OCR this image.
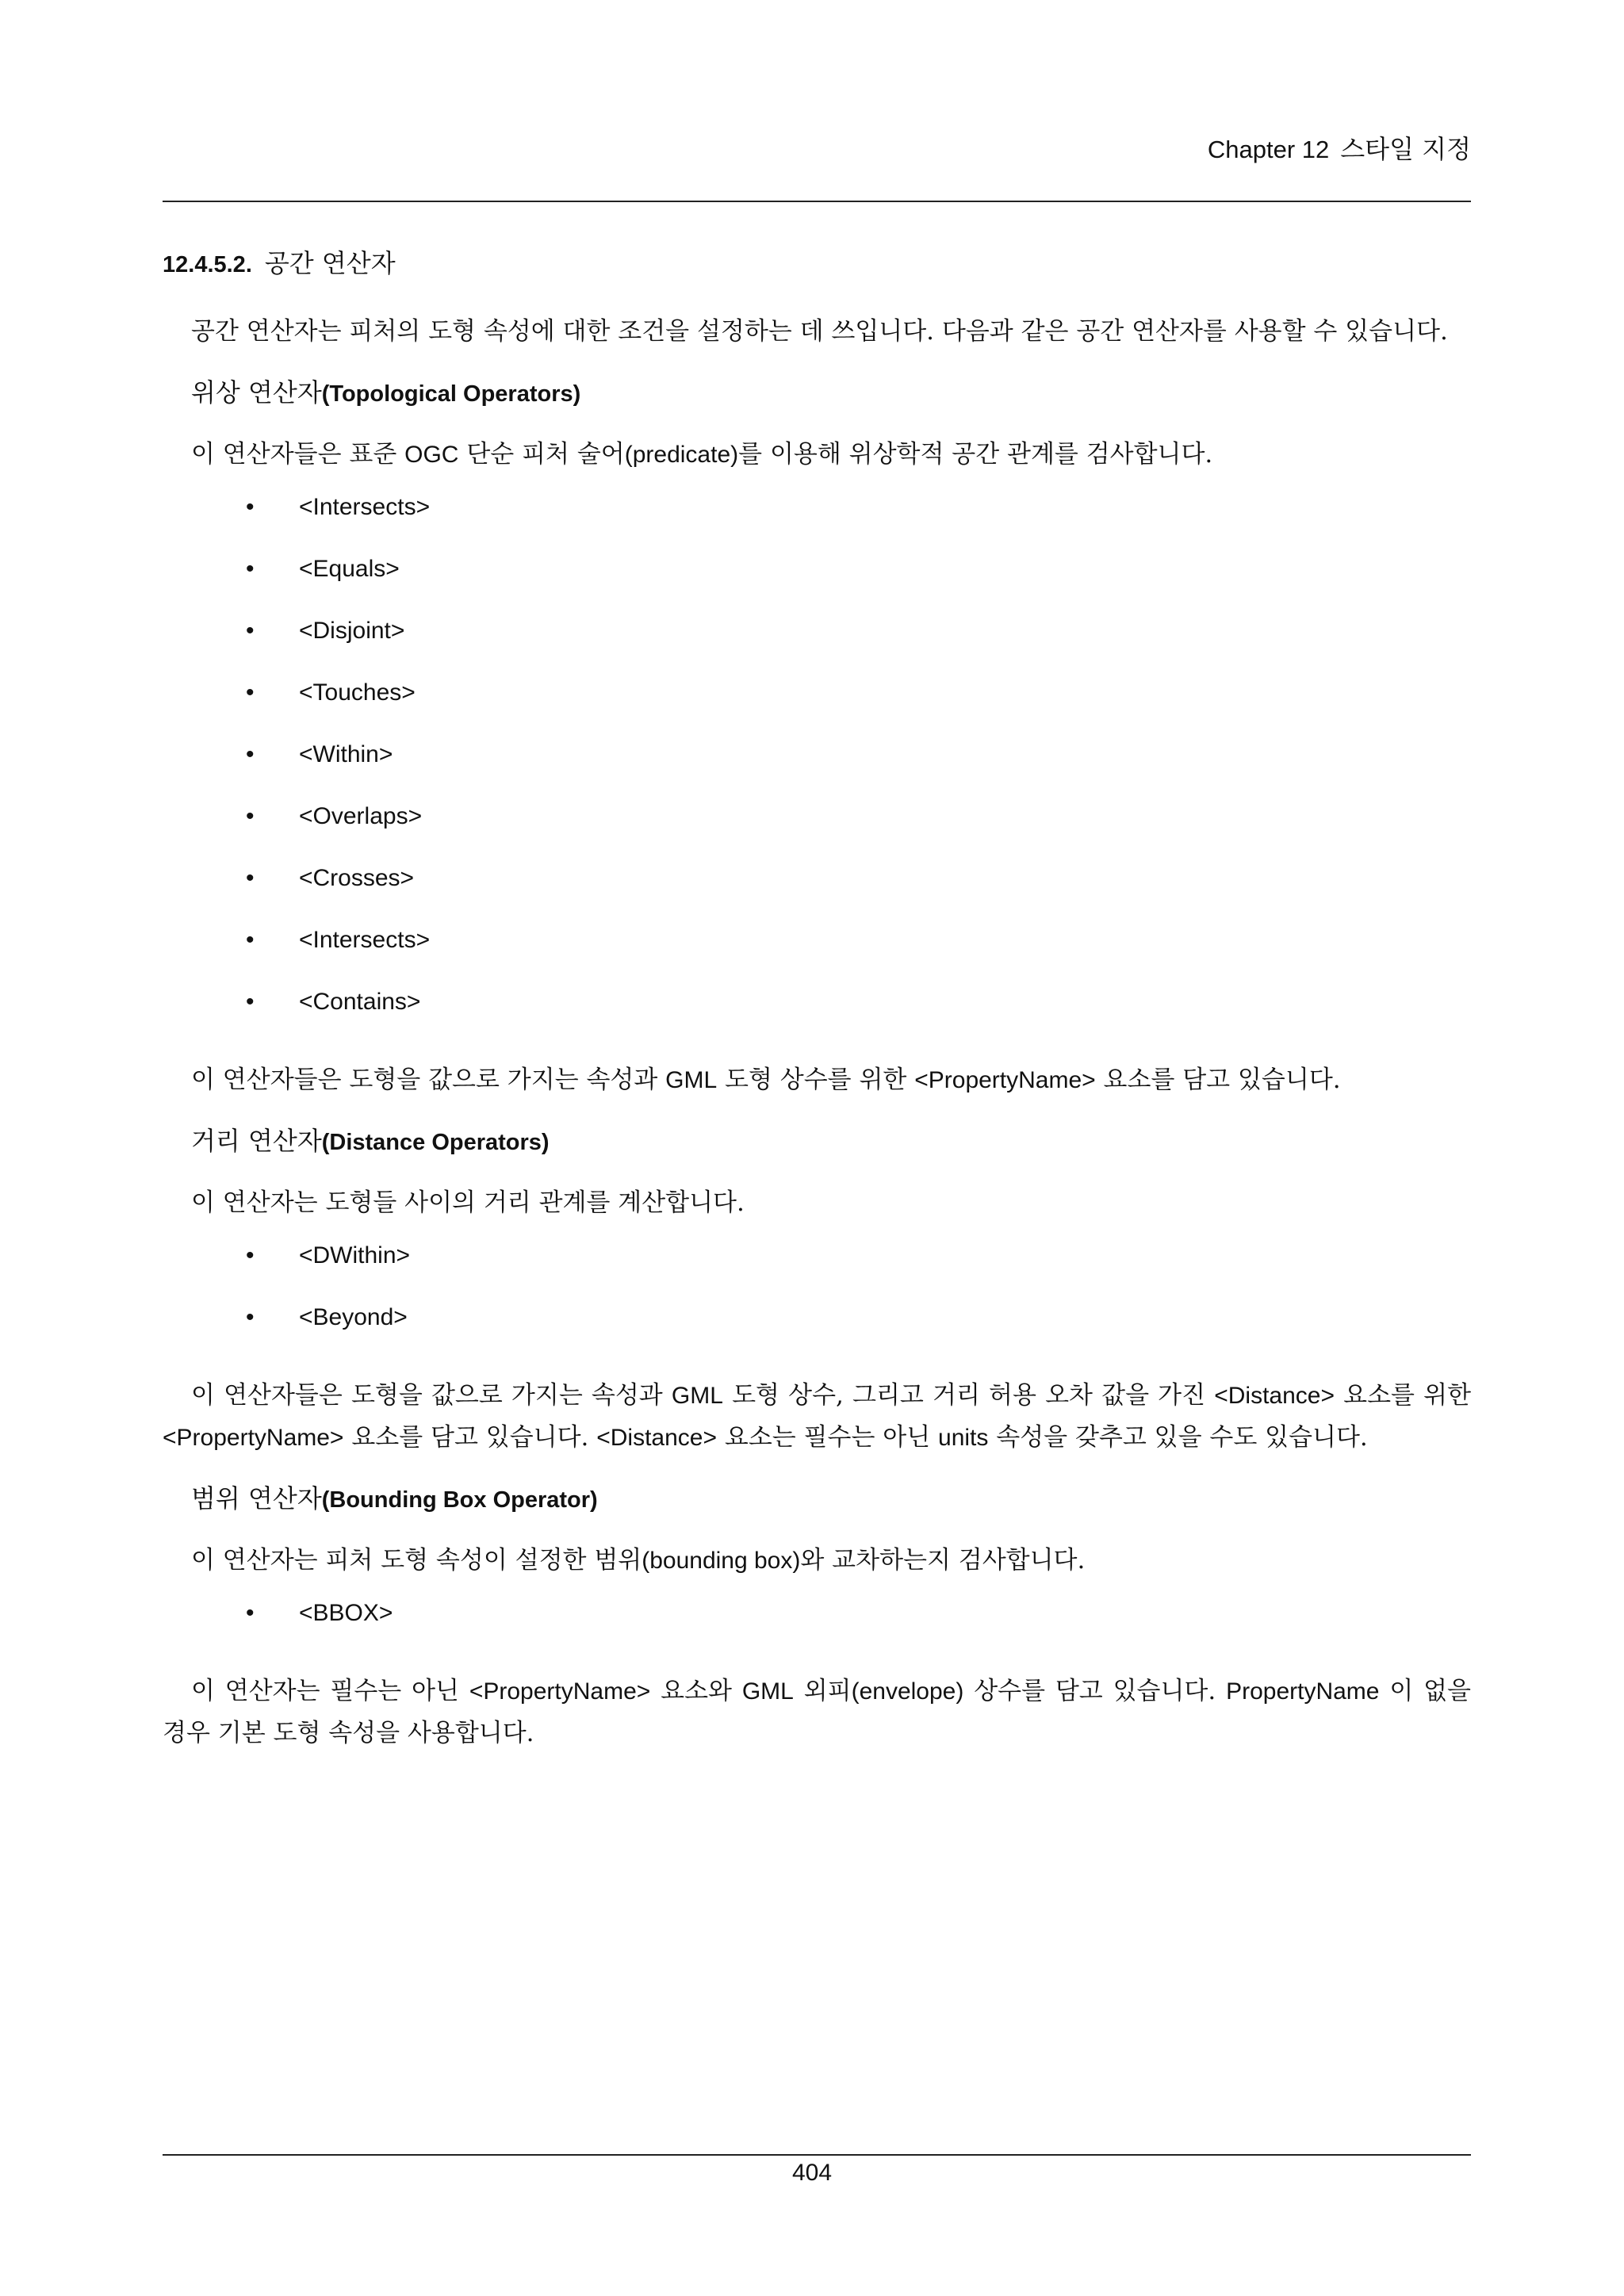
Chapter 12 스타일 지정
12.4.5.2. 공간 연산자

공간 연산자는 피처의 도형 속성에 대한 조건을 설정하는 데 쓰입니다. 다음과 같은 공간 연산자를 사용할 수 있습니다.

위상 연산자(Topological Operators)

이 연산자들은 표준 OGC 단순 피처 술어(predicate)를 이용해 위상학적 공간 관계를 검사합니다.

• <Intersects>
• <Equals>
• <Disjoint>
• <Touches>
• <Within>
• <Overlaps>
• <Crosses>
• <Intersects>
• <Contains>

이 연산자들은 도형을 값으로 가지는 속성과 GML 도형 상수를 위한 <PropertyName> 요소를 담고 있습니다.

거리 연산자(Distance Operators)

이 연산자는 도형들 사이의 거리 관계를 계산합니다.

• <DWithin>
• <Beyond>

이 연산자들은 도형을 값으로 가지는 속성과 GML 도형 상수, 그리고 거리 허용 오차 값을 가진 <Distance> 요소를 위한 <PropertyName> 요소를 담고 있습니다. <Distance> 요소는 필수는 아닌 units 속성을 갖추고 있을 수도 있습니다.

범위 연산자(Bounding Box Operator)

이 연산자는 피처 도형 속성이 설정한 범위(bounding box)와 교차하는지 검사합니다.

• <BBOX>

이 연산자는 필수는 아닌 <PropertyName> 요소와 GML 외피(envelope) 상수를 담고 있습니다. PropertyName 이 없을 경우 기본 도형 속성을 사용합니다.

404
